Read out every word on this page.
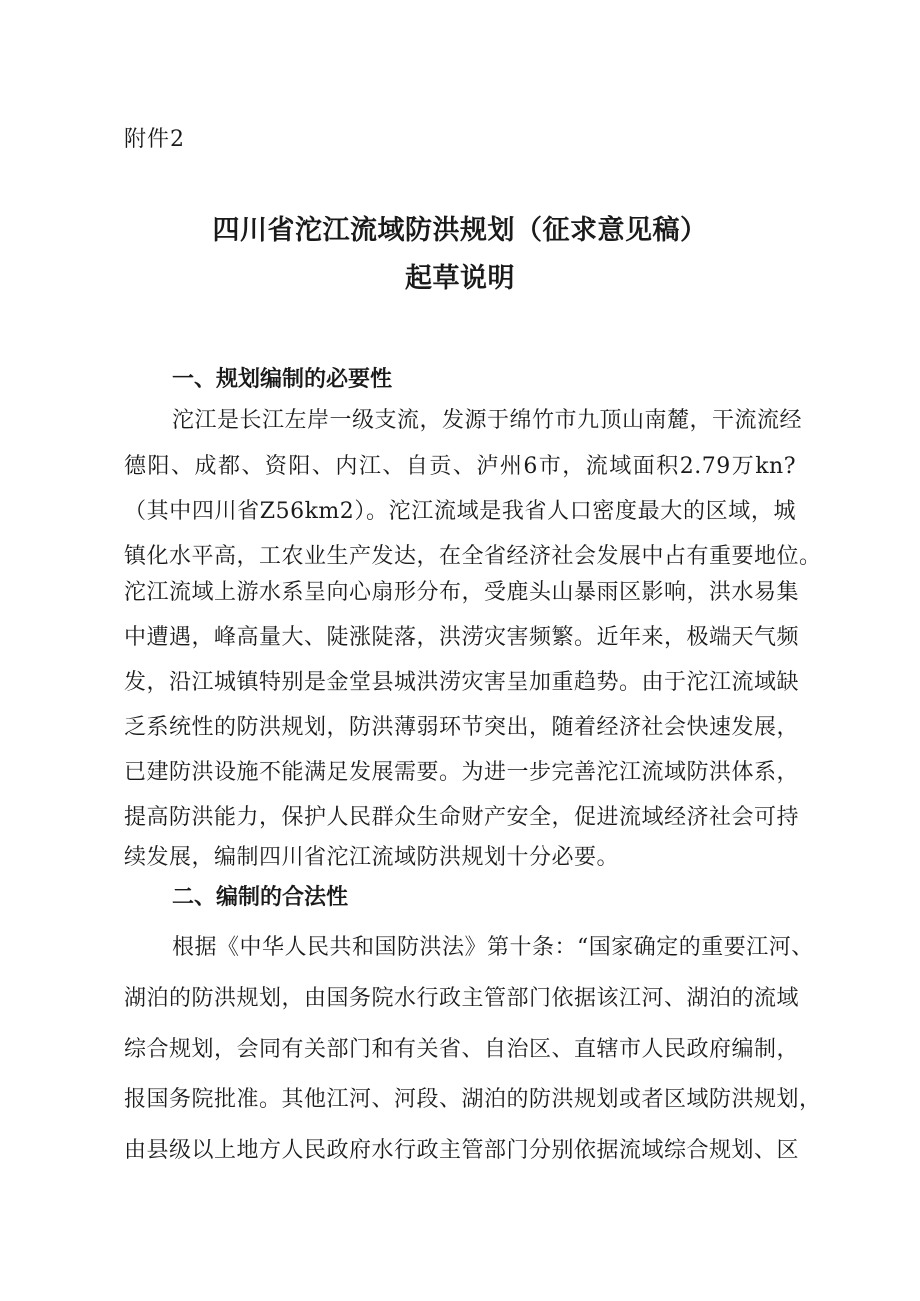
附件2
四川省沱江流域防洪规划（征求意见稿）
起草说明
一、规划编制的必要性
沱江是长江左岸一级支流，发源于绵竹市九顶山南麓，干流流经
德阳、成都、资阳、内江、自贡、泸州6市，流域面积2.79万kn?
（其中四川省Z56km2）。沱江流域是我省人口密度最大的区域，城
镇化水平高，工农业生产发达，在全省经济社会发展中占有重要地位。
沱江流域上游水系呈向心扇形分布，受鹿头山暴雨区影响，洪水易集
中遭遇，峰高量大、陡涨陡落，洪涝灾害频繁。近年来，极端天气频
发，沿江城镇特别是金堂县城洪涝灾害呈加重趋势。由于沱江流域缺
乏系统性的防洪规划，防洪薄弱环节突出，随着经济社会快速发展，
已建防洪设施不能满足发展需要。为进一步完善沱江流域防洪体系，
提高防洪能力，保护人民群众生命财产安全，促进流域经济社会可持
续发展，编制四川省沱江流域防洪规划十分必要。
二、编制的合法性
根据《中华人民共和国防洪法》第十条：“国家确定的重要江河、
湖泊的防洪规划，由国务院水行政主管部门依据该江河、湖泊的流域
综合规划，会同有关部门和有关省、自治区、直辖市人民政府编制，
报国务院批准。其他江河、河段、湖泊的防洪规划或者区域防洪规划，
由县级以上地方人民政府水行政主管部门分别依据流域综合规划、区
